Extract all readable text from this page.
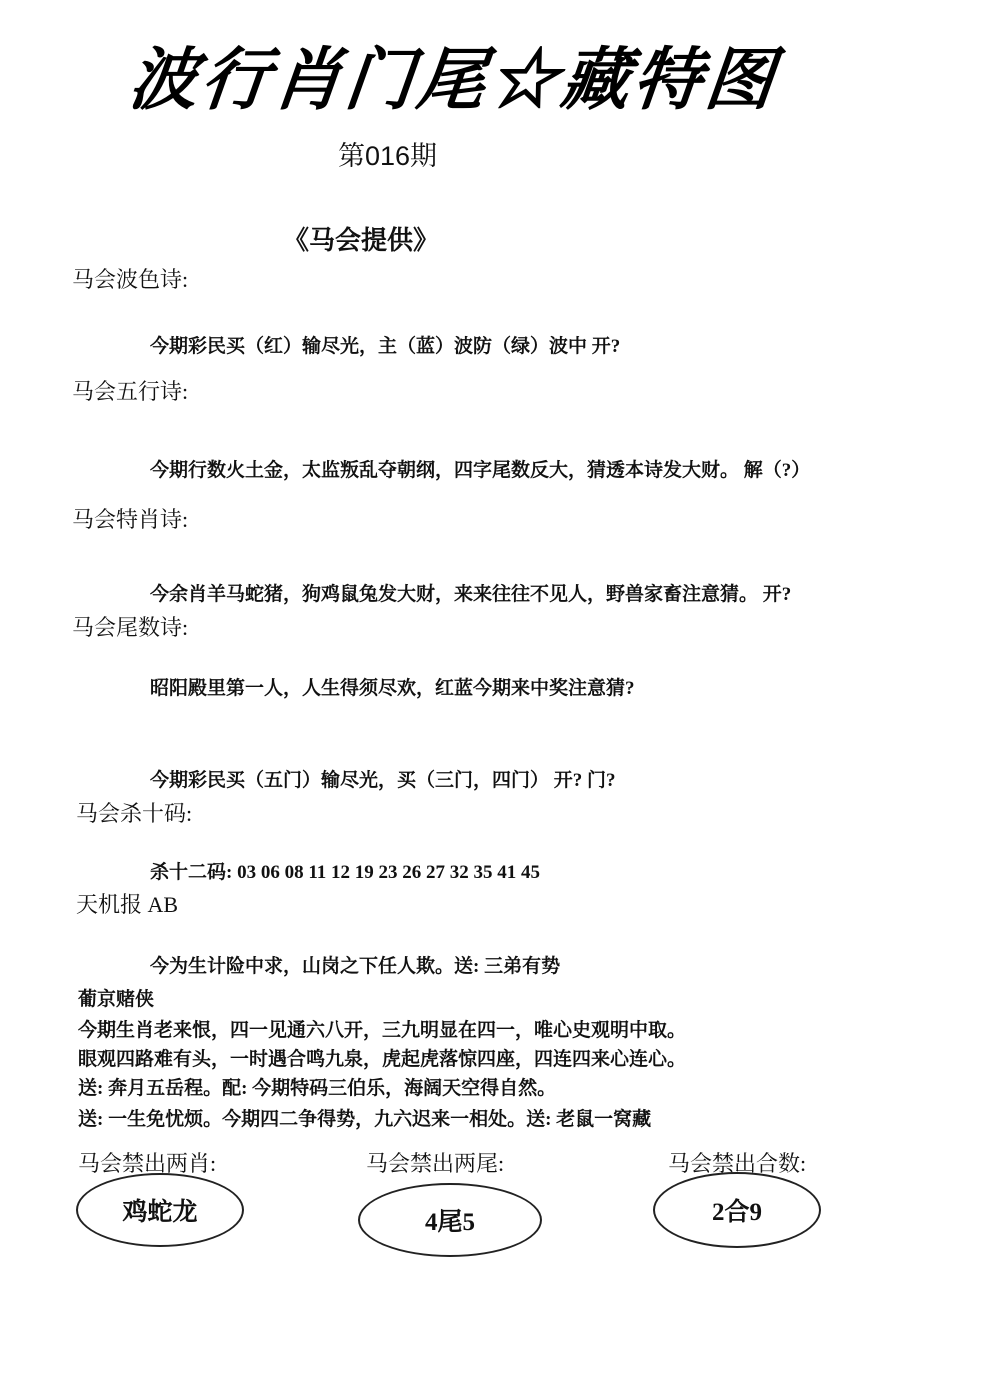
波行肖门尾☆藏特图
第016期
《马会提供》
马会波色诗:
今期彩民买（红）输尽光，主（蓝）波防（绿）波中 开?
马会五行诗:
今期行数火土金，太监叛乱夺朝纲，四字尾数反大，猜透本诗发大财。 解（?）
马会特肖诗:
今余肖羊马蛇猪，狗鸡鼠兔发大财，来来往往不见人，野兽家畜注意猜。 开?
马会尾数诗:
昭阳殿里第一人，人生得须尽欢，红蓝今期来中奖注意猜?
今期彩民买（五门）输尽光，买（三门，四门） 开? 门?
马会杀十码:
杀十二码: 03 06 08 11 12 19 23 26 27 32 35 41 45
天机报 AB
今为生计险中求，山岗之下任人欺。送: 三弟有势
葡京赌侠
今期生肖老来恨，四一见通六八开，三九明显在四一，唯心史观明中取。
眼观四路难有头，一时遇合鸣九泉，虎起虎落惊四座，四连四来心连心。
送: 奔月五岳程。配: 今期特码三伯乐，海阔天空得自然。
送: 一生免忧烦。今期四二争得势，九六迟来一相处。送: 老鼠一窝藏
马会禁出两肖:
鸡蛇龙
马会禁出两尾:
4尾5
马会禁出合数:
2合9
